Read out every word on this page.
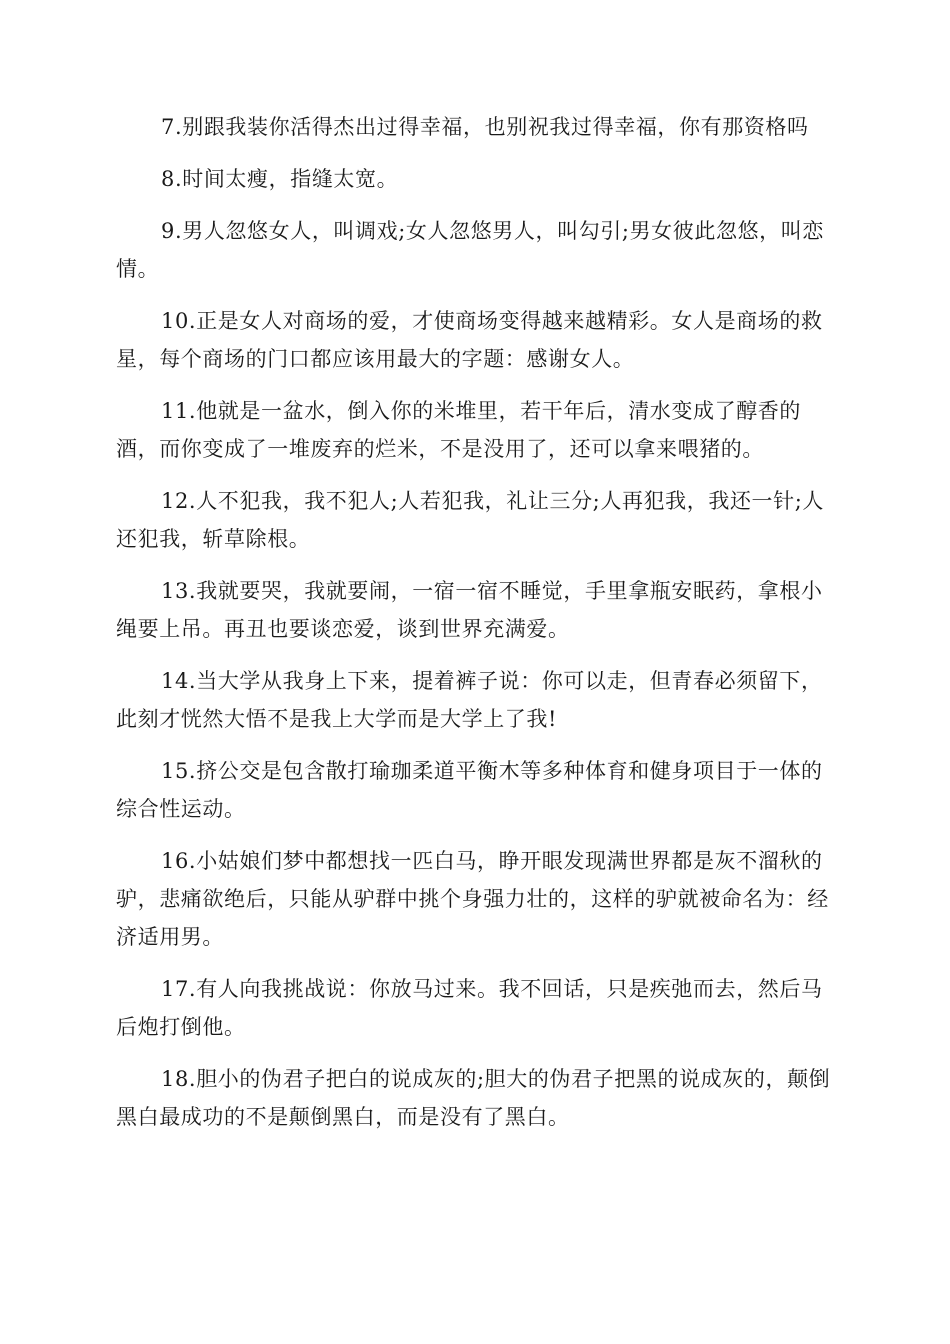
7.别跟我装你活得杰出过得幸福，也别祝我过得幸福，你有那资格吗

8.时间太瘦，指缝太宽。

9.男人忽悠女人，叫调戏;女人忽悠男人，叫勾引;男女彼此忽悠，叫恋情。

10.正是女人对商场的爱，才使商场变得越来越精彩。女人是商场的救星，每个商场的门口都应该用最大的字题：感谢女人。

11.他就是一盆水，倒入你的米堆里，若干年后，清水变成了醇香的酒，而你变成了一堆废弃的烂米，不是没用了，还可以拿来喂猪的。

12.人不犯我，我不犯人;人若犯我，礼让三分;人再犯我，我还一针;人还犯我，斩草除根。

13.我就要哭，我就要闹，一宿一宿不睡觉，手里拿瓶安眠药，拿根小绳要上吊。再丑也要谈恋爱，谈到世界充满爱。

14.当大学从我身上下来，提着裤子说：你可以走，但青春必须留下，此刻才恍然大悟不是我上大学而是大学上了我!

15.挤公交是包含散打瑜珈柔道平衡木等多种体育和健身项目于一体的综合性运动。

16.小姑娘们梦中都想找一匹白马，睁开眼发现满世界都是灰不溜秋的驴，悲痛欲绝后，只能从驴群中挑个身强力壮的，这样的驴就被命名为：经济适用男。

17.有人向我挑战说：你放马过来。我不回话，只是疾弛而去，然后马后炮打倒他。

18.胆小的伪君子把白的说成灰的;胆大的伪君子把黑的说成灰的，颠倒黑白最成功的不是颠倒黑白，而是没有了黑白。
